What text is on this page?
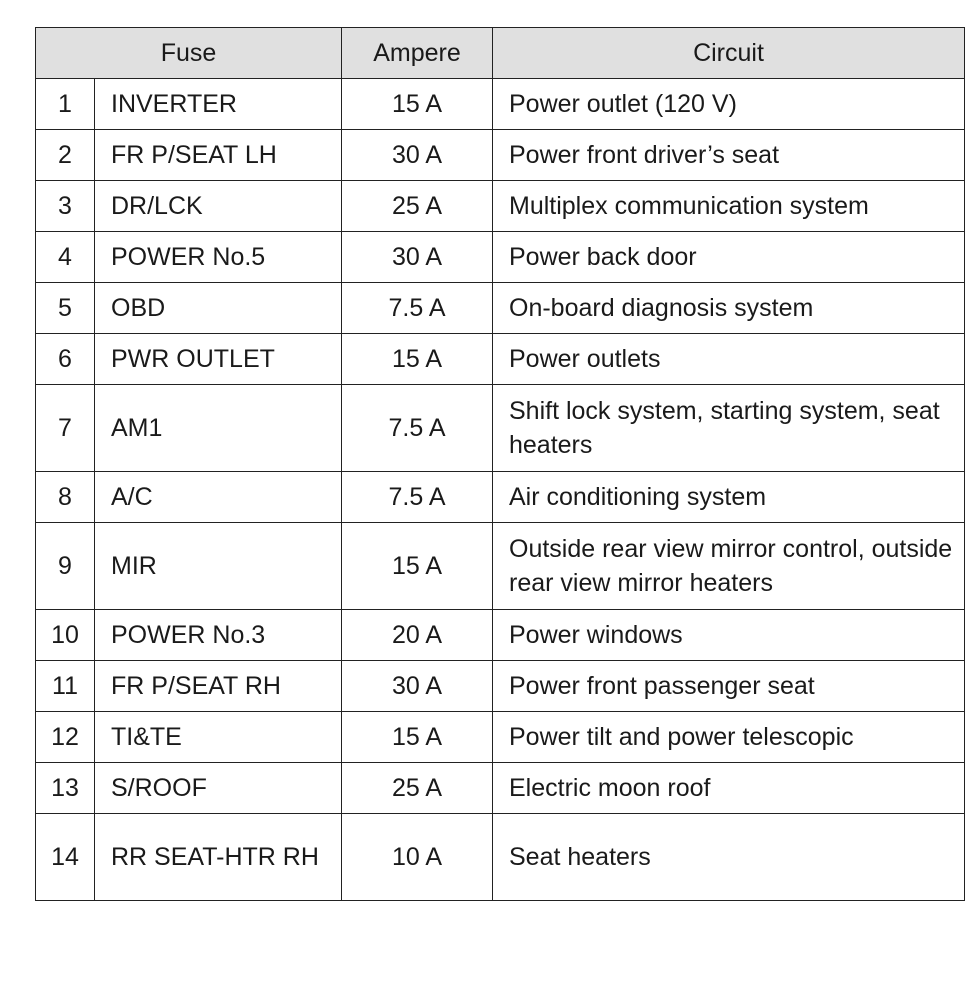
Fuse		Ampere	Circuit
1	INVERTER	15 A	Power outlet (120 V)
2	FR P/SEAT LH	30 A	Power front driver’s seat
3	DR/LCK	25 A	Multiplex communication system
4	POWER No.5	30 A	Power back door
5	OBD	7.5 A	On-board diagnosis system
6	PWR OUTLET	15 A	Power outlets
7	AM1	7.5 A	Shift lock system, starting system, seat heaters
8	A/C	7.5 A	Air conditioning system
9	MIR	15 A	Outside rear view mirror control, outside rear view mirror heaters
10	POWER No.3	20 A	Power windows
11	FR P/SEAT RH	30 A	Power front passenger seat
12	TI&TE	15 A	Power tilt and power telescopic
13	S/ROOF	25 A	Electric moon roof
14	RR SEAT-HTR RH	10 A	Seat heaters
